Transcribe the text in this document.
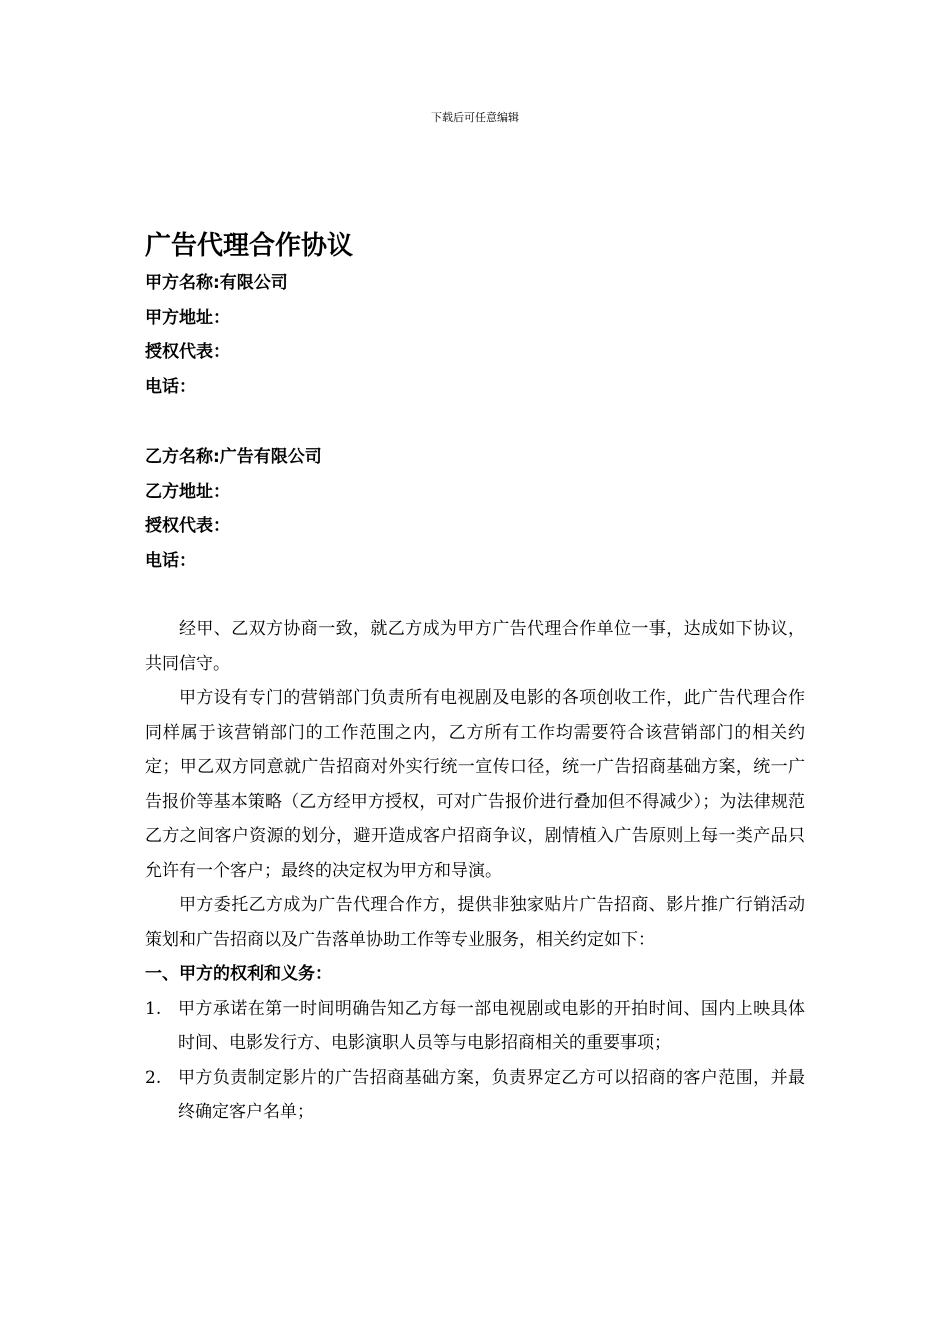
下载后可任意编辑
广告代理合作协议
甲方名称:有限公司
甲方地址：
授权代表：
电话：
乙方名称:广告有限公司
乙方地址：
授权代表：
电话：

经甲、乙双方协商一致，就乙方成为甲方广告代理合作单位一事，达成如下协议，共同信守。

甲方设有专门的营销部门负责所有电视剧及电影的各项创收工作，此广告代理合作同样属于该营销部门的工作范围之内，乙方所有工作均需要符合该营销部门的相关约定；甲乙双方同意就广告招商对外实行统一宣传口径，统一广告招商基础方案，统一广告报价等基本策略（乙方经甲方授权，可对广告报价进行叠加但不得减少）；为法律规范乙方之间客户资源的划分，避开造成客户招商争议，剧情植入广告原则上每一类产品只允许有一个客户；最终的决定权为甲方和导演。

甲方委托乙方成为广告代理合作方，提供非独家贴片广告招商、影片推广行销活动策划和广告招商以及广告落单协助工作等专业服务，相关约定如下：

一、甲方的权利和义务：

1. 甲方承诺在第一时间明确告知乙方每一部电视剧或电影的开拍时间、国内上映具体时间、电影发行方、电影演职人员等与电影招商相关的重要事项；
2. 甲方负责制定影片的广告招商基础方案，负责界定乙方可以招商的客户范围，并最终确定客户名单；
